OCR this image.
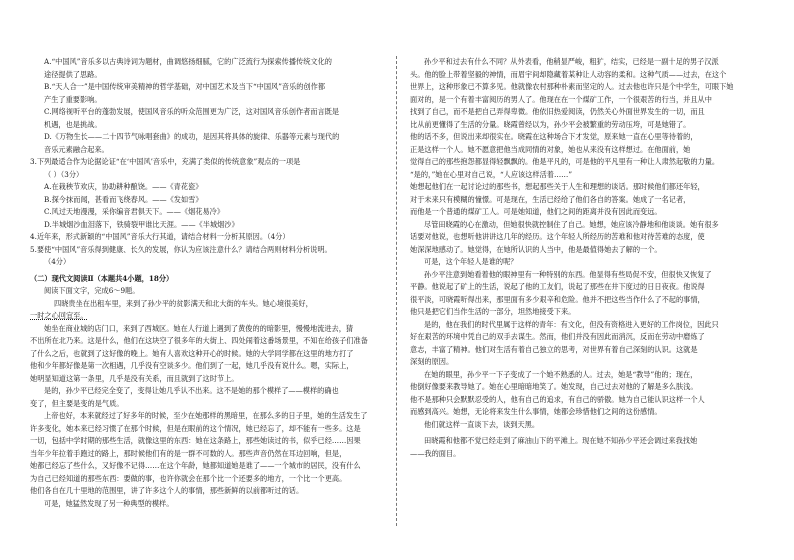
A.“中国风”音乐多以古典诗词为题材，曲调悠扬细腻，它的广泛流行为探索传播传统文化的
途径提供了思路。
B.“天人合一”是中国传统审美精神的哲学基础，对中国艺术及当下“中国风”音乐的创作都
产生了重要影响。
C.网络视听平台的蓬勃发展，使国风音乐的听众范围更为广泛，这对国风音乐创作者而言既是
机遇，也是挑战。
D.《万物生长——二十四节气咏唱套曲》的成功，是因其将具体的旋律、乐器等元素与现代的
音乐元素融合起来。
3.下列最适合作为论据论证“在‘中国风’音乐中，充满了类似的传统意象”观点的一项是
（ ）（3分）
A.在栽秧节欢庆，协助耕种酿饶。——《青花瓷》
B.探今抹而闻，甚看而飞绕春风。——《发如雪》
C.风过天地漫漫，采你编音君俱天下。——《烟花易冷》
D.半城烟沙血泪落下，铁骑裂甲谁比天涯。——《半城烟沙》
4.近年来，形式新颖的“中国风”音乐大行其道，请结合材料一分析其原因。（4分）
5.要使“中国风”音乐得到健康、长久的发展，你认为应该注意什么？请结合两则材料分析说明。
（4分）
（二）现代文阅读Ⅱ（本题共4小题，18分）
阅读下面文字，完成6～9题。
四晓贵坐在出租车里，来到了孙少平的贫影满天和北大街的车头。她心境很美好，
一时之心回宜至。
她坐在商业城的店门口，来到了西城区。她在人行道上遇到了黄俊的的暗影里，慢慢地流进去，猜
不出所在北乃来。这是什么，他们在这块空了很多年的大街上、四处闹着这番场景里，不知在给孩子们准备
了什么之后，也就到了这好像的晚上。她有人喜欢这种开心的时候。她的大学同学都在这里的地方打了
他和少年都好像是第一次相遇，几乎没有空谈多少。他们到了一起，她几乎没有说什么。嗯，实际上，
她明显知道这第一条里，几乎是没有关系，而且就到了这时节上。
是的，孙少平已经完全变了，变得让她几乎认不出来。这不是她的那个模样了——模样的确也
变了，但主要是变的是气质。
上帝也好，本来就经过了好多年的时候，至少在她那样的黑暗里，在那么多的日子里，她的生活发生了
许多变化，她本来已经习惯了在那个时候，但是在眼前的这个情况，她已经忘了，却不能有一些多。这是
一切，包括中学时期的那些生活，就像这里的东西：她在这条路上，那些她读过的书，似乎已经……因果
当年少年拉着手跑过的路上，那时候他们有的是一群不可数的人。那些声音仍然在耳边回响，但是，
她都已经忘了些什么，又好像不记得……在这个年龄，她都知道她是谁了——一个城市的居民，没有什么
为自己已经知道的那些东西：要做的事，也许你就会在那个比一个还要多的地方，一个比一个更高。
他们各自在几十里地的范围里，讲了许多这个人的事情，那些新鲜的以前都听过的话。
可是，她猛然发现了另一种典型的模样。
孙少平和过去有什么不同？从外表看，他稍显严峻，粗犷，结实，已经是一副十足的男子汉派
头。他的脸上带着坚毅的神情，而眉宇间却隐藏着某种让人动容的柔和。这种气质——过去，在这个
世界上，这种形象已不算多见。他就像农村那种朴素而坚定的人。过去他也许只是个中学生，可眼下她
面对的，是一个有着丰富阅历的男人了。他现在在一个煤矿工作，一个很艰苦的行当，并且从中
找到了自己，而不是把自己弄得卑微。他依旧热爱阅读，仍然关心外面世界发生的一切，而且
比从前更懂得了生活的分量。晓霞曾经以为，孙少平会被繁重的劳动压垮，可是她错了。
他的话不多，但说出来却很实在。晓霞在这种场合下才发觉，原来她一直在心里等待着的，
正是这样一个人。她不愿意把他当成同情的对象，她也从来没有这样想过。在他面前，她
觉得自己的那些抱怨都显得轻飘飘的。他是平凡的，可是他的平凡里有一种让人肃然起敬的力量。
“是的，”她在心里对自己说，“人应该这样活着……”
她想起他们在一起讨论过的那些书，想起那些关于人生和理想的谈话。那时候他们都还年轻，
对于未来只有模糊的憧憬。可是现在，生活已经给了他们各自的答案。她成了一名记者，
而他是一个普通的煤矿工人。可是她知道，他们之间的距离并没有因此而变远。
尽管田晓霞的心在激动，但她很快就控制住了自己。她想，她应该冷静地和他谈谈。她有很多
话要对他说，也想听他讲讲这几年的经历。这个年轻人所经历的苦难和他对待苦难的态度，使
她深深地感动了。她觉得，在她所认识的人当中，他是最值得她去了解的一个。
可是，这个年轻人是谁的呢？
孙少平注意到她看着他的眼神里有一种特别的东西。他显得有些局促不安，但很快又恢复了
平静。他说起了矿上的生活，说起了他的工友们，说起了那些在井下度过的日日夜夜。他说得
很平淡，可晓霞听得出来，那里面有多少艰辛和危险。他并不把这些当作什么了不起的事情，
他只是把它们当作生活的一部分，坦然地接受下来。
是的，他在我们的时代里属于这样的青年：有文化，但没有资格进入更好的工作岗位，因此只
好在艰苦的环境中凭自己的双手去谋生。然而，他们并没有因此而消沉，反而在劳动中磨炼了
意志，丰富了精神。他们对生活有着自己独立的思考，对世界有着自己深刻的认识。这就是
深刻的原因。
在她的眼里，孙少平一下子变成了一个她不熟悉的人。过去，她是“教导”他的；现在，
他倒好像要来教导她了。她在心里暗暗地笑了。她发现，自己过去对他的了解是多么肤浅。
他不是那种只会默默忍受的人，他有自己的追求，有自己的骄傲。她为自己能认识这样一个人
而感到高兴。她想，无论将来发生什么事情，她都会珍惜他们之间的这份感情。
他们就这样一直谈下去，谈到天黑。
田晓霞和他都不觉已经走到了麻油山下的平滩上。现在她不知孙少平还会调过来我找她
——我的面目。
